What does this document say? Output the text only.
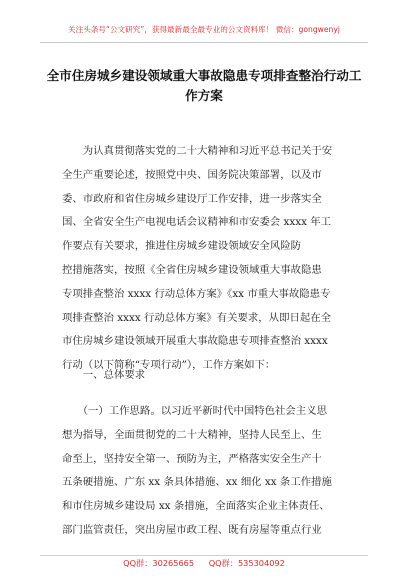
关注头条号“公文研究”，获得最新最全最专业的公文资料库！ 微信：gongwenyj
全市住房城乡建设领域重大事故隐患专项排查整治行动工
作方案
　　为认真贯彻落实党的二十大精神和习近平总书记关于安
全生产重要论述，按照党中央、国务院决策部署，以及市
委、市政府和省住房城乡建设厅工作安排，进一步落实全
国、全省安全生产电视电话会议精神和市安委会 xxxx 年工
作要点有关要求，推进住房城乡建设领域安全风险防
控措施落实，按照《全省住房城乡建设领域重大事故隐患
专项排查整治 xxxx 行动总体方案》《xx 市重大事故隐患专
项排查整治 xxxx 行动总体方案》有关要求，从即日起在全
市住房城乡建设领域开展重大事故隐患专项排查整治 xxxx
行动（以下简称“专项行动”），工作方案如下：
　　一、总体要求
　　（一）工作思路。以习近平新时代中国特色社会主义思
想为指导，全面贯彻党的二十大精神，坚持人民至上、生
命至上，坚持安全第一、预防为主，严格落实安全生产十
五条硬措施、广东 xx 条具体措施、xx 细化 xx 条工作措施
和市住房城乡建设局 xx 条措施，全面落实企业主体责任、
部门监管责任，突出房屋市政工程、既有房屋等重点行业
QQ群：30265665 QQ群：535304092
